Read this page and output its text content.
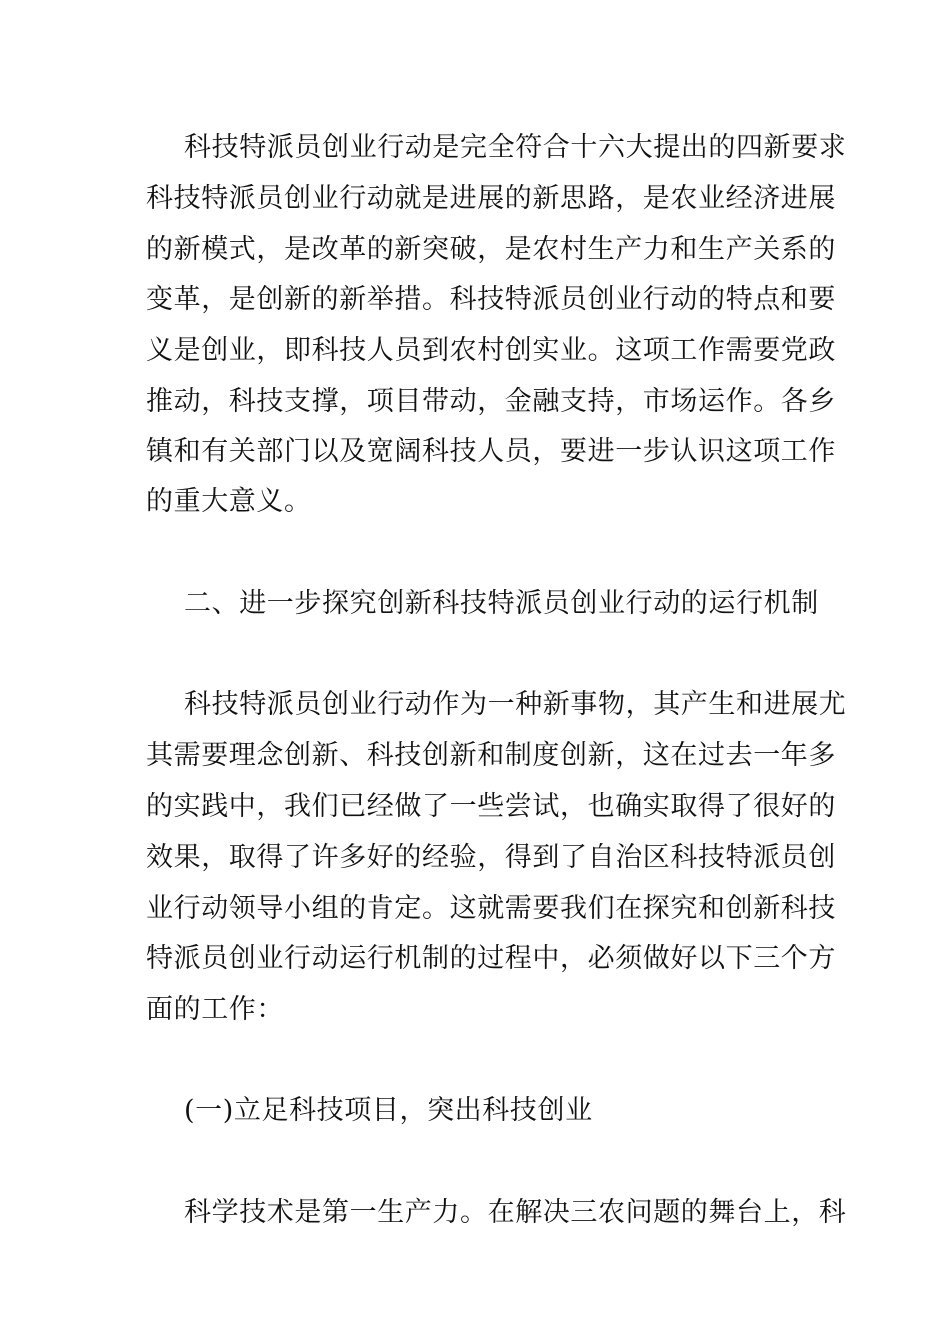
科技特派员创业行动是完全符合十六大提出的四新要求
科技特派员创业行动就是进展的新思路，是农业经济进展
的新模式，是改革的新突破，是农村生产力和生产关系的
变革，是创新的新举措。科技特派员创业行动的特点和要
义是创业，即科技人员到农村创实业。这项工作需要党政
推动，科技支撑，项目带动，金融支持，市场运作。各乡
镇和有关部门以及宽阔科技人员，要进一步认识这项工作
的重大意义。
二、进一步探究创新科技特派员创业行动的运行机制
科技特派员创业行动作为一种新事物，其产生和进展尤
其需要理念创新、科技创新和制度创新，这在过去一年多
的实践中，我们已经做了一些尝试，也确实取得了很好的
效果，取得了许多好的经验，得到了自治区科技特派员创
业行动领导小组的肯定。这就需要我们在探究和创新科技
特派员创业行动运行机制的过程中，必须做好以下三个方
面的工作：
(一)立足科技项目，突出科技创业
科学技术是第一生产力。在解决三农问题的舞台上，科
